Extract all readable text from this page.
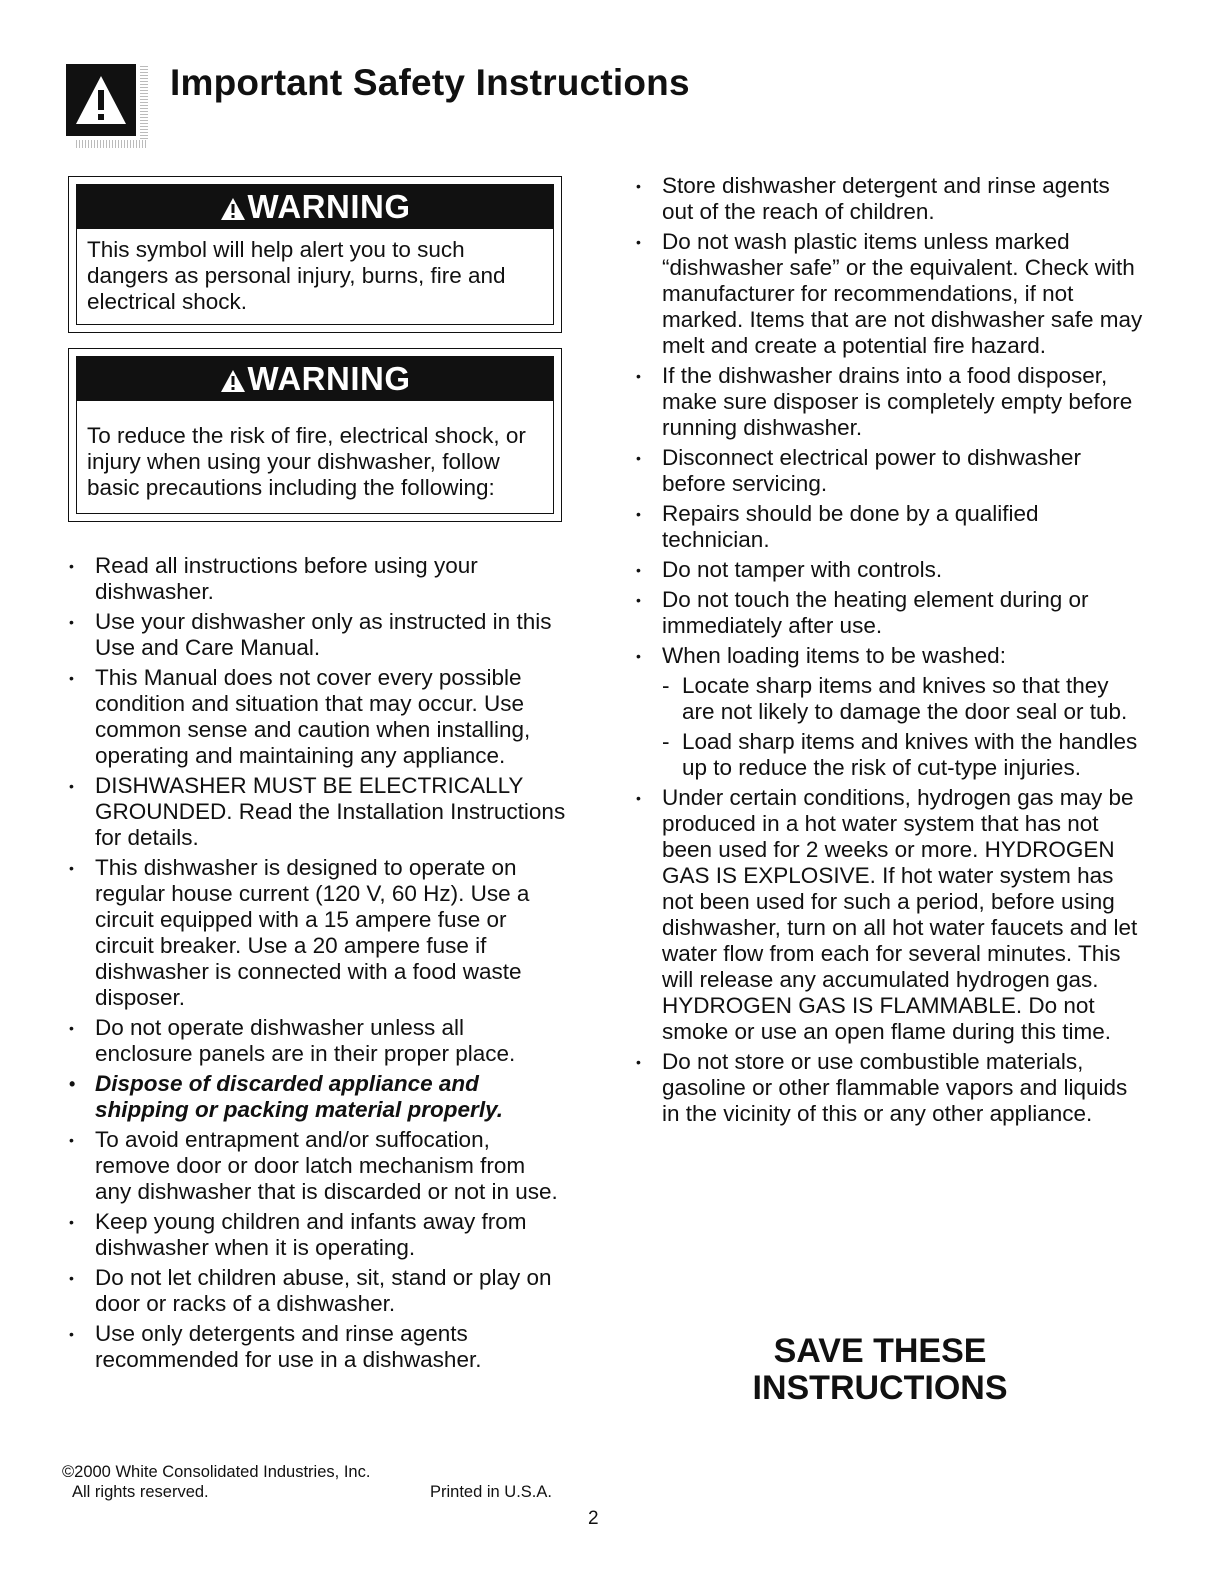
Important Safety Instructions
WARNING
This symbol will help alert you to such dangers as personal injury, burns, fire and electrical shock.
WARNING
To reduce the risk of fire, electrical shock, or injury when using your dishwasher, follow basic precautions including the following:
• Read all instructions before using your dishwasher.
• Use your dishwasher only as instructed in this Use and Care Manual.
• This Manual does not cover every possible condition and situation that may occur. Use common sense and caution when installing, operating and maintaining any appliance.
• DISHWASHER MUST BE ELECTRICALLY GROUNDED. Read the Installation Instructions for details.
• This dishwasher is designed to operate on regular house current (120 V, 60 Hz). Use a circuit equipped with a 15 ampere fuse or circuit breaker. Use a 20 ampere fuse if dishwasher is connected with a food waste disposer.
• Do not operate dishwasher unless all enclosure panels are in their proper place.
• Dispose of discarded appliance and shipping or packing material properly.
• To avoid entrapment and/or suffocation, remove door or door latch mechanism from any dishwasher that is discarded or not in use.
• Keep young children and infants away from dishwasher when it is operating.
• Do not let children abuse, sit, stand or play on door or racks of a dishwasher.
• Use only detergents and rinse agents recommended for use in a dishwasher.
• Store dishwasher detergent and rinse agents out of the reach of children.
• Do not wash plastic items unless marked “dishwasher safe” or the equivalent. Check with manufacturer for recommendations, if not marked. Items that are not dishwasher safe may melt and create a potential fire hazard.
• If the dishwasher drains into a food disposer, make sure disposer is completely empty before running dishwasher.
• Disconnect electrical power to dishwasher before servicing.
• Repairs should be done by a qualified technician.
• Do not tamper with controls.
• Do not touch the heating element during or immediately after use.
• When loading items to be washed:
- Locate sharp items and knives so that they are not likely to damage the door seal or tub.
- Load sharp items and knives with the handles up to reduce the risk of cut-type injuries.
• Under certain conditions, hydrogen gas may be produced in a hot water system that has not been used for 2 weeks or more. HYDROGEN GAS IS EXPLOSIVE. If hot water system has not been used for such a period, before using dishwasher, turn on all hot water faucets and let water flow from each for several minutes. This will release any accumulated hydrogen gas. HYDROGEN GAS IS FLAMMABLE. Do not smoke or use an open flame during this time.
• Do not store or use combustible materials, gasoline or other flammable vapors and liquids in the vicinity of this or any other appliance.
SAVE THESE
INSTRUCTIONS
©2000 White Consolidated Industries, Inc.
All rights reserved.	Printed in U.S.A.
2
